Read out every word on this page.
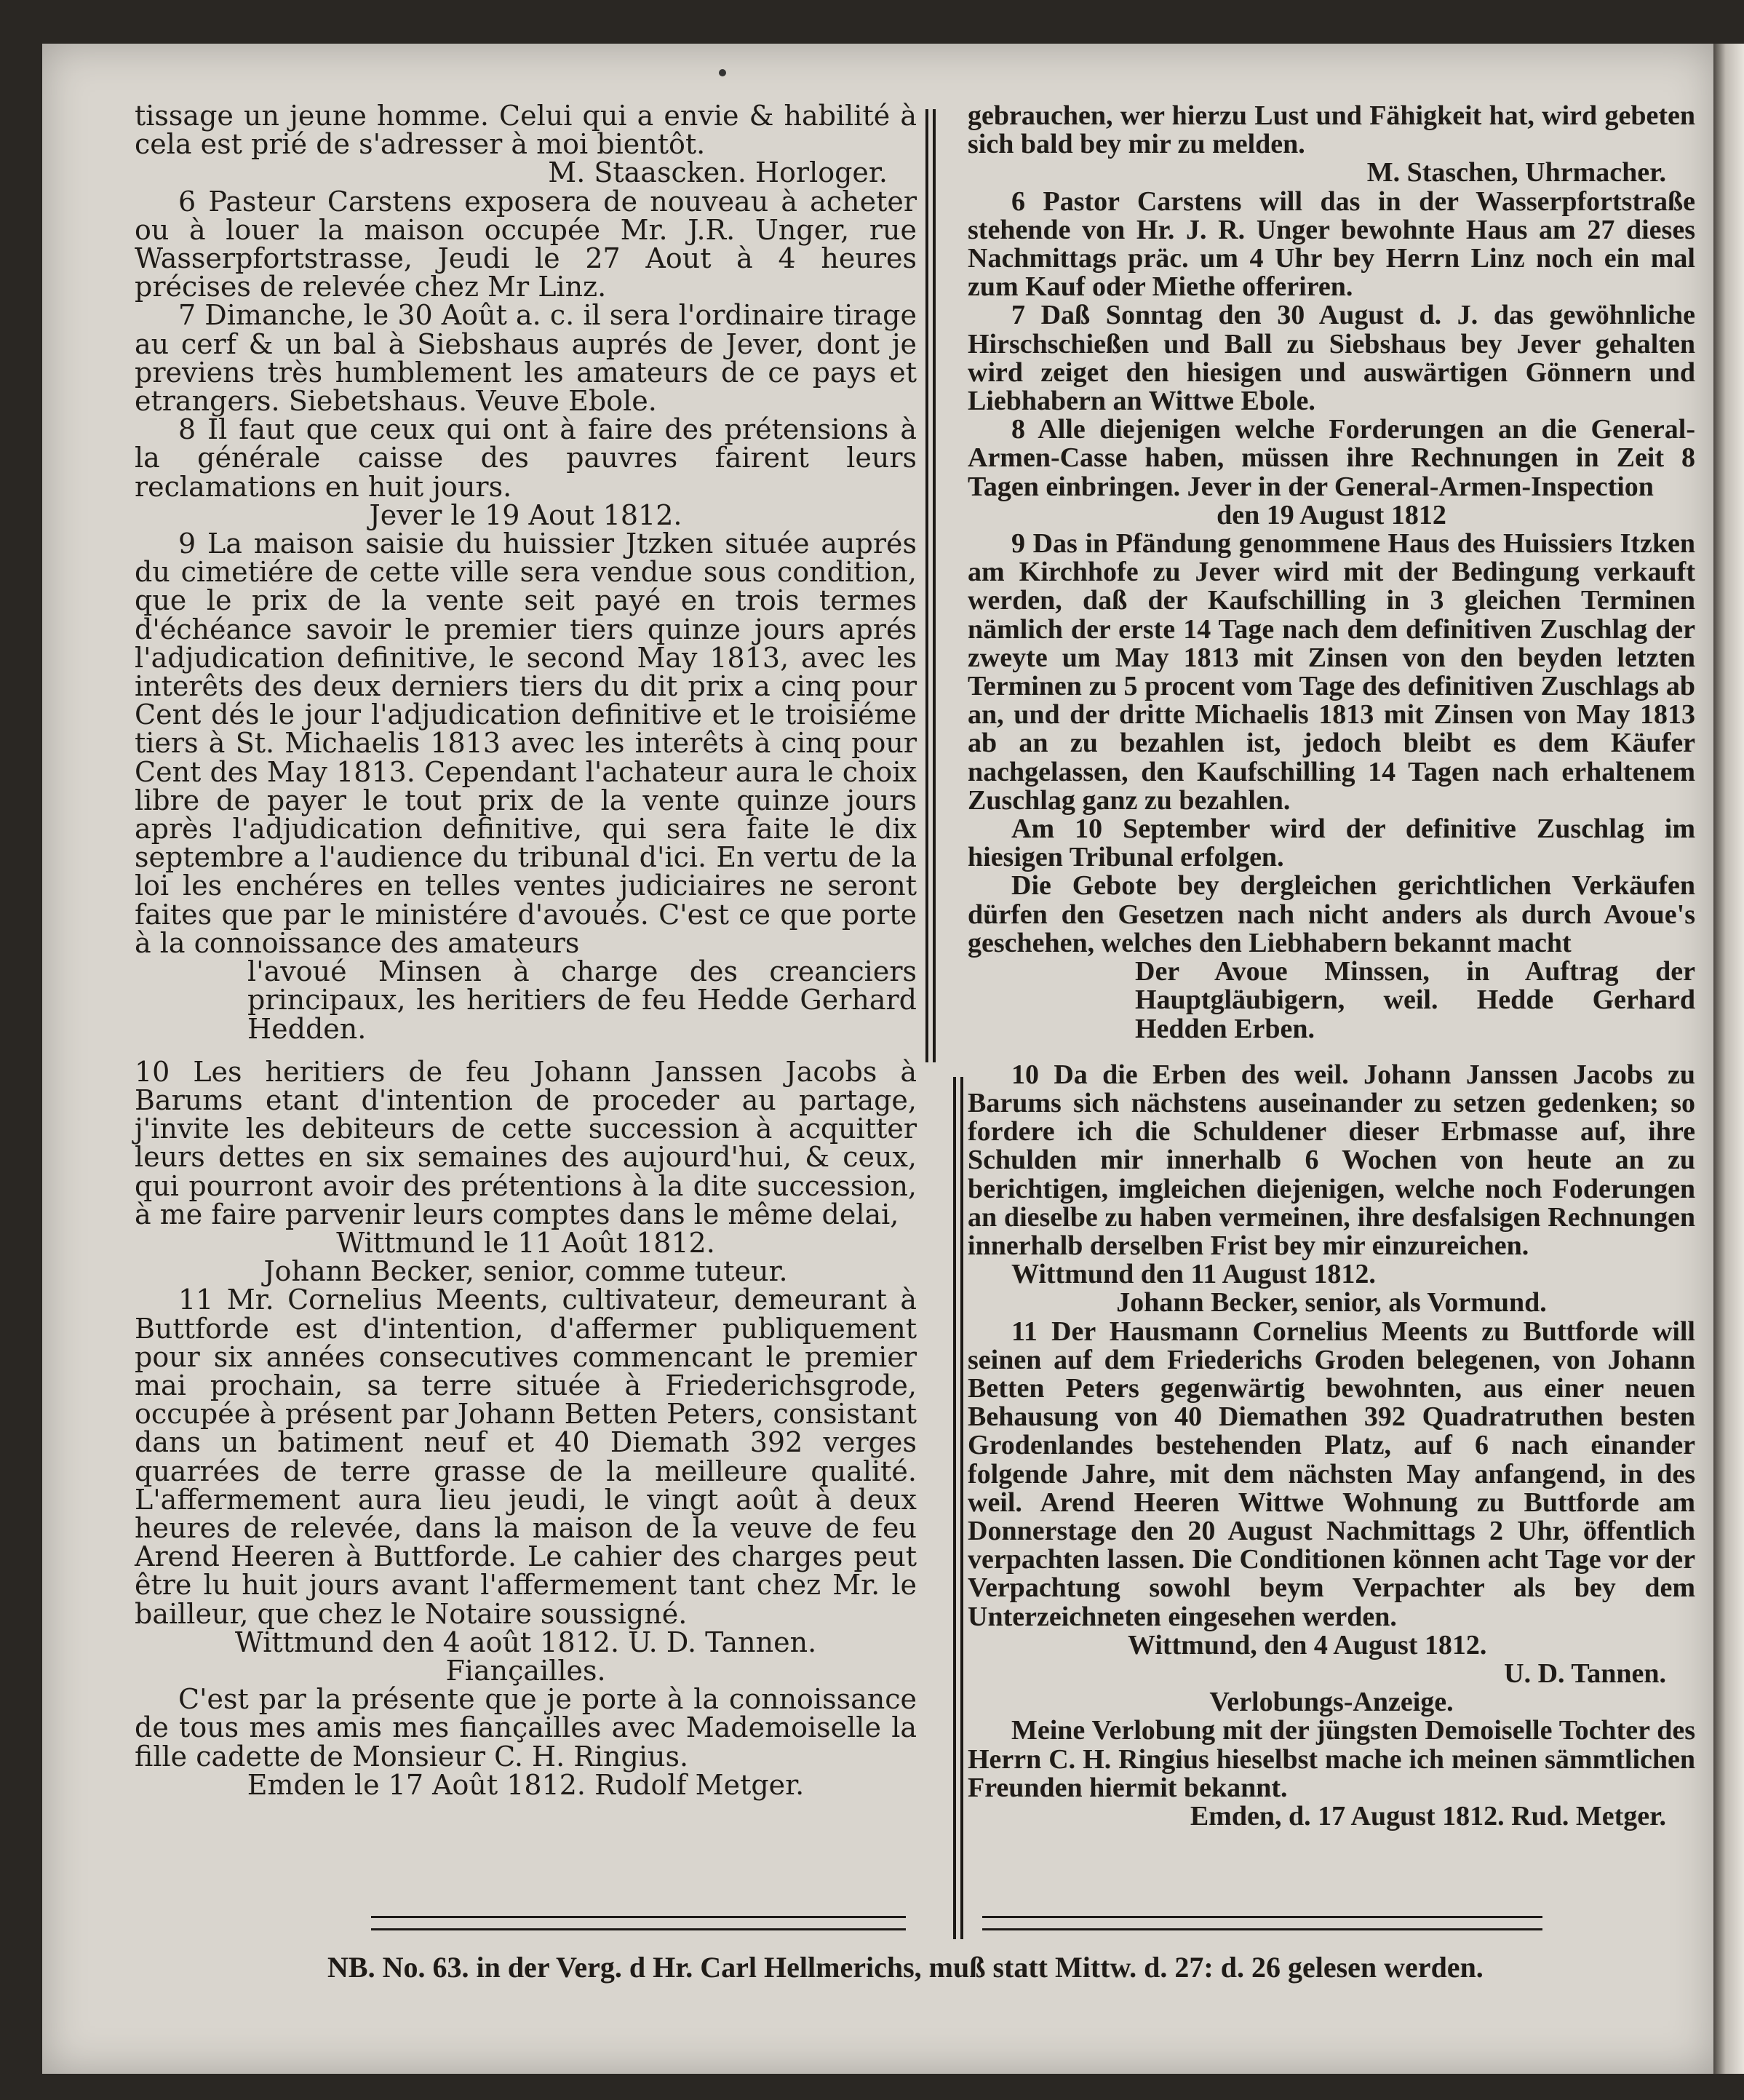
tissage un jeune homme. Celui qui a envie & habilité à cela est prié de s'adresser à moi bientôt.

M. Staascken. Horloger.

6 Pasteur Carstens exposera de nouveau à acheter ou à louer la maison occupée Mr. J.R. Unger, rue Wasserpfortstrasse, Jeudi le 27 Aout à 4 heures précises de relevée chez Mr Linz.

7 Dimanche, le 30 Août a. c. il sera l'ordinaire tirage au cerf & un bal à Siebshaus auprés de Jever, dont je previens très humblement les amateurs de ce pays et etrangers. Siebetshaus. Veuve Ebole.

8 Il faut que ceux qui ont à faire des prétensions à la générale caisse des pauvres fairent leurs reclamations en huit jours.

Jever le 19 Aout 1812.

9 La maison saisie du huissier Jtzken située auprés du cimetiére de cette ville sera vendue sous condition, que le prix de la vente seit payé en trois termes d'échéance savoir le premier tiers quinze jours aprés l'adjudication definitive, le second May 1813, avec les interêts des deux derniers tiers du dit prix a cinq pour Cent dés le jour l'adjudication definitive et le troisiéme tiers à St. Michaelis 1813 avec les interêts à cinq pour Cent des May 1813. Cependant l'achateur aura le choix libre de payer le tout prix de la vente quinze jours après l'adjudication definitive, qui sera faite le dix septembre a l'audience du tribunal d'ici. En vertu de la loi les enchéres en telles ventes judiciaires ne seront faites que par le ministére d'avoués. C'est ce que porte à la connoissance des amateurs

l'avoué Minsen à charge des creanciers principaux, les heritiers de feu Hedde Gerhard Hedden.

10 Les heritiers de feu Johann Janssen Jacobs à Barums etant d'intention de proceder au partage, j'invite les debiteurs de cette succession à acquitter leurs dettes en six semaines des aujourd'hui, & ceux, qui pourront avoir des prétentions à la dite succession, à me faire parvenir leurs comptes dans le même delai,

Wittmund le 11 Août 1812.

Johann Becker, senior, comme tuteur.

11 Mr. Cornelius Meents, cultivateur, demeurant à Buttforde est d'intention, d'affermer publiquement pour six années consecutives commencant le premier mai prochain, sa terre située à Friederichsgrode, occupée à présent par Johann Betten Peters, consistant dans un batiment neuf et 40 Diemath 392 verges quarrées de terre grasse de la meilleure qualité. L'affermement aura lieu jeudi, le vingt août à deux heures de relevée, dans la maison de la veuve de feu Arend Heeren à Buttforde. Le cahier des charges peut être lu huit jours avant l'affermement tant chez Mr. le bailleur, que chez le Notaire soussigné.

Wittmund den 4 août 1812. U. D. Tannen.

Fiançailles.

C'est par la présente que je porte à la connoissance de tous mes amis mes fiançailles avec Mademoiselle la fille cadette de Monsieur C. H. Ringius.

Emden le 17 Août 1812. Rudolf Metger.

gebrauchen, wer hierzu Lust und Fähigkeit hat, wird gebeten sich bald bey mir zu melden.

M. Staschen, Uhrmacher.

6 Pastor Carstens will das in der Wasserpfortstraße stehende von Hr. J. R. Unger bewohnte Haus am 27 dieses Nachmittags präc. um 4 Uhr bey Herrn Linz noch ein mal zum Kauf oder Miethe offeriren.

7 Daß Sonntag den 30 August d. J. das gewöhnliche Hirschschießen und Ball zu Siebshaus bey Jever gehalten wird zeiget den hiesigen und auswärtigen Gönnern und Liebhabern an Wittwe Ebole.

8 Alle diejenigen welche Forderungen an die General-Armen-Casse haben, müssen ihre Rechnungen in Zeit 8 Tagen einbringen. Jever in der General-Armen-Inspection

den 19 August 1812

9 Das in Pfändung genommene Haus des Huissiers Itzken am Kirchhofe zu Jever wird mit der Bedingung verkauft werden, daß der Kaufschilling in 3 gleichen Terminen nämlich der erste 14 Tage nach dem definitiven Zuschlag der zweyte um May 1813 mit Zinsen von den beyden letzten Terminen zu 5 procent vom Tage des definitiven Zuschlags ab an, und der dritte Michaelis 1813 mit Zinsen von May 1813 ab an zu bezahlen ist, jedoch bleibt es dem Käufer nachgelassen, den Kaufschilling 14 Tagen nach erhaltenem Zuschlag ganz zu bezahlen.

Am 10 September wird der definitive Zuschlag im hiesigen Tribunal erfolgen.

Die Gebote bey dergleichen gerichtlichen Verkäufen dürfen den Gesetzen nach nicht anders als durch Avoue's geschehen, welches den Liebhabern bekannt macht

Der Avoue Minssen, in Auftrag der Hauptgläubigern, weil. Hedde Gerhard Hedden Erben.

10 Da die Erben des weil. Johann Janssen Jacobs zu Barums sich nächstens auseinander zu setzen gedenken; so fordere ich die Schuldener dieser Erbmasse auf, ihre Schulden mir innerhalb 6 Wochen von heute an zu berichtigen, imgleichen diejenigen, welche noch Foderungen an dieselbe zu haben vermeinen, ihre desfalsigen Rechnungen innerhalb derselben Frist bey mir einzureichen.

Wittmund den 11 August 1812.

Johann Becker, senior, als Vormund.

11 Der Hausmann Cornelius Meents zu Buttforde will seinen auf dem Friederichs Groden belegenen, von Johann Betten Peters gegenwärtig bewohnten, aus einer neuen Behausung von 40 Diemathen 392 Quadratruthen besten Grodenlandes bestehenden Platz, auf 6 nach einander folgende Jahre, mit dem nächsten May anfangend, in des weil. Arend Heeren Wittwe Wohnung zu Buttforde am Donnerstage den 20 August Nachmittags 2 Uhr, öffentlich verpachten lassen. Die Conditionen können acht Tage vor der Verpachtung sowohl beym Verpachter als bey dem Unterzeichneten eingesehen werden.

Wittmund, den 4 August 1812.

U. D. Tannen.

Verlobungs-Anzeige.

Meine Verlobung mit der jüngsten Demoiselle Tochter des Herrn C. H. Ringius hieselbst mache ich meinen sämmtlichen Freunden hiermit bekannt.

Emden, d. 17 August 1812. Rud. Metger.

NB. No. 63. in der Verg. d Hr. Carl Hellmerichs, muß statt Mittw. d. 27: d. 26 gelesen werden.
